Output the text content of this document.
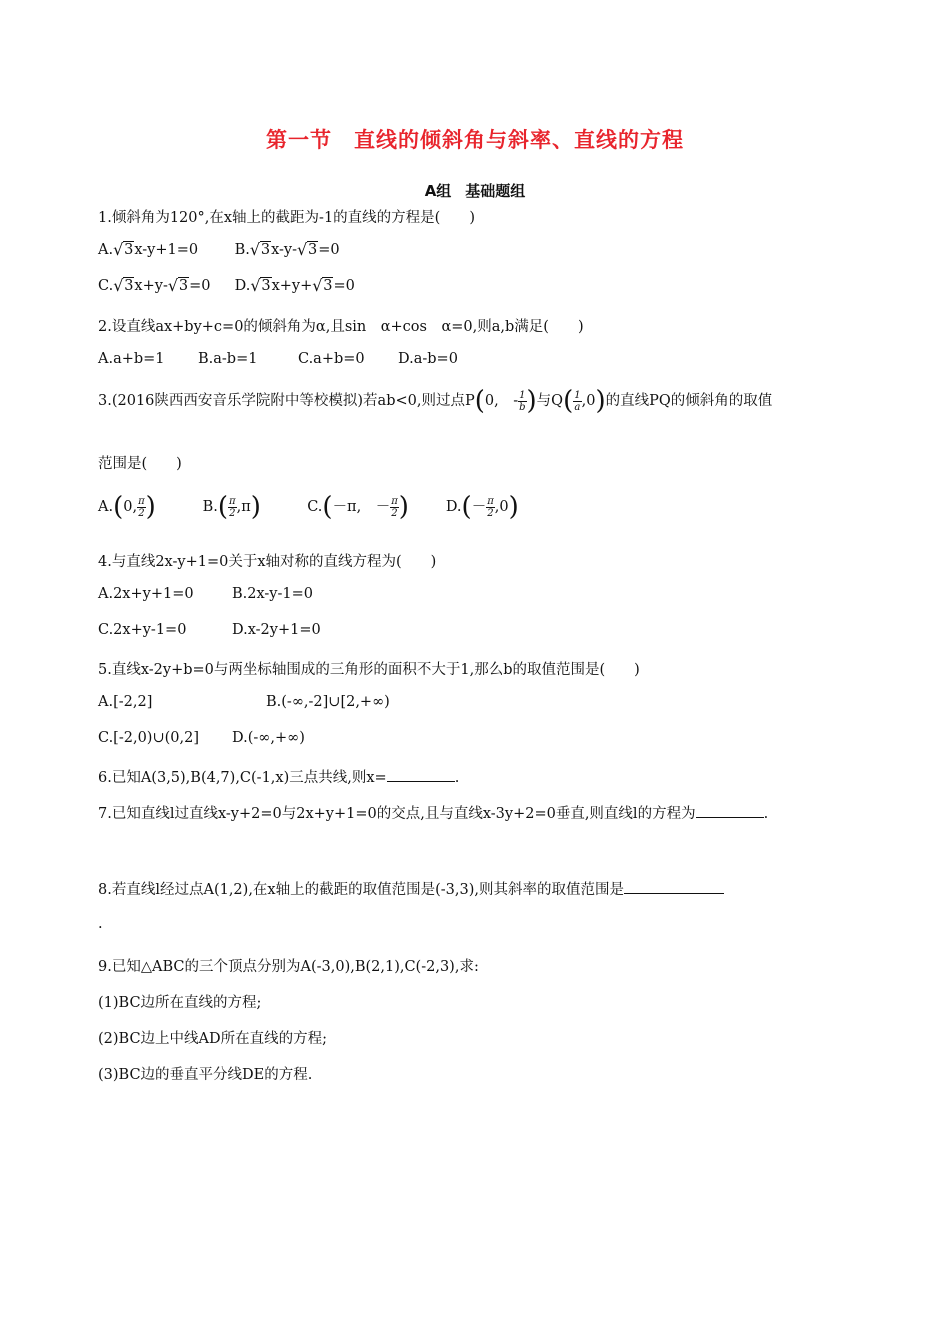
第一节 直线的倾斜角与斜率、直线的方程
A组 基础题组
1.倾斜角为120°,在x轴上的截距为-1的直线的方程是(　　)
A. √ 3x-y+1=0	B. √ 3x-y- √ 3=0
C. √ 3x+y- √ 3=0 D. √ 3x+y+ √ 3=0
2.设直线ax+by+c=0的倾斜角为α,且sin　α+cos　α=0,则a,b满足(　　)
A.a+b=1 B.a-b=1	C.a+b=0 D.a-b=0
3.(2016陕西西安音乐学院附中等校模拟)若ab<0,则过点P(0,　- $\frac{1}{b}$ )与$Q( \frac{1}{a} ,0)$的直线PQ的倾斜角的取值
范围是(　　)
A.(0, $\frac{\pi}{2}$ )	$B.( \frac{\pi}{2} ,\pi)$	C.(－π,　－ $\frac{\pi}{2}$ )	$D.(- \frac{\pi}{2} ,0)$
4.与直线2x-y+1=0关于x轴对称的直线方程为(　　)
A.2x+y+1=0	B.2x-y-1=0
C.2x+y-1=0	D.x-2y+1=0
5.直线x-2y+b=0与两坐标轴围成的三角形的面积不大于1,那么b的取值范围是(　　)
A.[-2,2]	B.(-∞,-2]∪[2,+∞)
C.[-2,0)∪(0,2] D.(-∞,+∞)
6.已知A(3,5),B(4,7),C(-1,x)三点共线,则x=	.
7.已知直线l过直线x-y+2=0与2x+y+1=0的交点,且与直线x-3y+2=0垂直,则直线l的方程为	.
8.若直线l经过点A(1,2),在x轴上的截距的取值范围是(-3,3),则其斜率的取值范围是
.
9.已知△ABC的三个顶点分别为A(-3,0),B(2,1),C(-2,3),求:
(1)BC边所在直线的方程;
(2)BC边上中线AD所在直线的方程;
(3)BC边的垂直平分线DE的方程.
